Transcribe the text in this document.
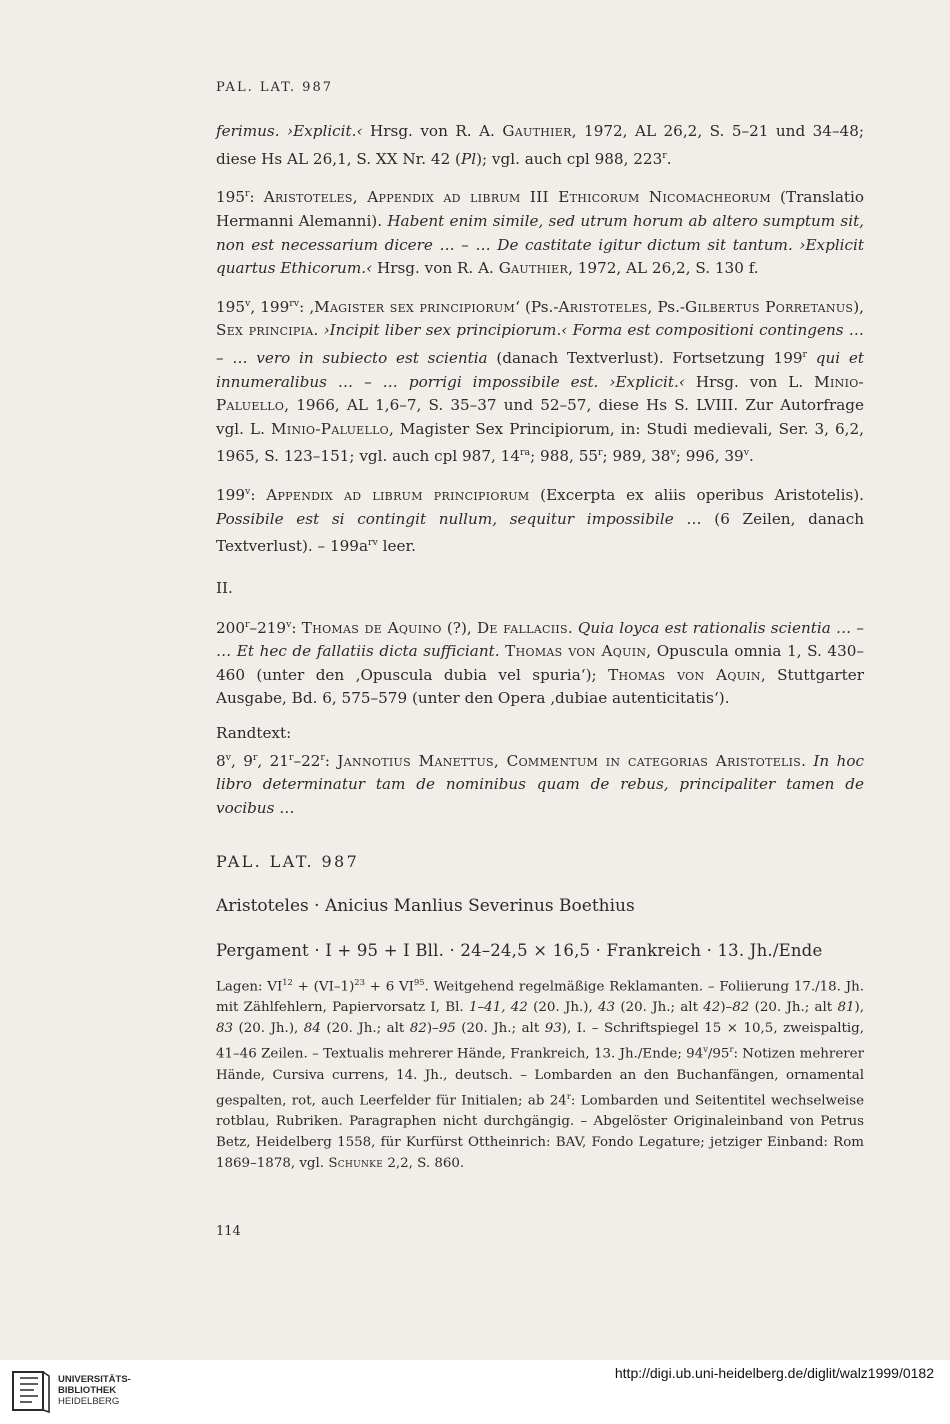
PAL. LAT. 987

ferimus. ›Explicit.‹ Hrsg. von R. A. Gauthier, 1972, AL 26,2, S. 5–21 und 34–48; diese Hs AL 26,1, S. XX Nr. 42 (Pl); vgl. auch cpl 988, 223$^r$.

195$^r$: Aristoteles, Appendix ad librum III Ethicorum Nicomacheorum (Translatio Hermanni Alemanni). Habent enim simile, sed utrum horum ab altero sumptum sit, non est necessarium dicere … – … De castitate igitur dictum sit tantum. ›Explicit quartus Ethicorum.‹ Hrsg. von R. A. Gauthier, 1972, AL 26,2, S. 130 f.

195$^v$, $199^{rv}$: ‚Magister sex principiorum‘ (Ps.-Aristoteles, Ps.-Gilbertus Porretanus), Sex principia. ›Incipit liber sex principiorum.‹ Forma est compositioni contingens … – … vero in subiecto est scientia (danach Textverlust). Fortsetzung 199$^r$ qui et innumeralibus … – … porrigi impossibile est. ›Explicit.‹ Hrsg. von L. Minio-Paluello, 1966, AL 1,6–7, S. 35–37 und 52–57, diese Hs S. LVIII. Zur Autorfrage vgl. L. Minio-Paluello, Magister Sex Principiorum, in: Studi medievali, Ser. 3, 6,2, 1965, S. 123–151; vgl. auch cpl 987, $14^{ra}$; 988, 55$^r$; 989, 38$^v$; 996, 39$^v$.

199$^v$: Appendix ad librum principiorum (Excerpta ex aliis operibus Aristotelis). Possibile est si contingit nullum, sequitur impossibile … (6 Zeilen, danach Textverlust). – $199a^{rv}$ leer.

II.

200$^r$–219$^v$: Thomas de Aquino (?), De fallaciis. Quia loyca est rationalis scientia … – … Et hec de fallatiis dicta sufficiant. Thomas von Aquin, Opuscula omnia 1, S. 430–460 (unter den ‚Opuscula dubia vel spuria‘); Thomas von Aquin, Stuttgarter Ausgabe, Bd. 6, 575–579 (unter den Opera ‚dubiae autenticitatis‘).

Randtext:

8$^v$, 9$^r$, 21$^r$–22$^r$: Jannotius Manettus, Commentum in categorias Aristotelis. In hoc libro determinatur tam de nominibus quam de rebus, principaliter tamen de vocibus …

PAL. LAT. 987
Aristoteles · Anicius Manlius Severinus Boethius
Pergament · I + 95 + I Bll. · 24–24,5 × 16,5 · Frankreich · 13. Jh./Ende

Lagen: $VI^{12} + (VI-1)^{23} + 6$ VI$^{95}$. Weitgehend regelmäßige Reklamanten. – Foliierung 17./18. Jh. mit Zählfehlern, Papiervorsatz I, Bl. 1–41, 42 (20. Jh.), 43 (20. Jh.; alt 42)–82 (20. Jh.; alt 81), 83 (20. Jh.), 84 (20. Jh.; alt 82)–95 (20. Jh.; alt 93), I. – Schriftspiegel 15 × 10,5, zweispaltig, 41–46 Zeilen. – Textualis mehrerer Hände, Frankreich, 13. Jh./Ende; 94$^v$/95$^r$: Notizen mehrerer Hände, Cursiva currens, 14. Jh., deutsch. – Lombarden an den Buchanfängen, ornamental gespalten, rot, auch Leerfelder für Initialen; ab 24$^r$: Lombarden und Seitentitel wechselweise rotblau, Rubriken. Paragraphen nicht durchgängig. – Abgelöster Originaleinband von Petrus Betz, Heidelberg 1558, für Kurfürst Ottheinrich: BAV, Fondo Legature; jetziger Einband: Rom 1869–1878, vgl. Schunke 2,2, S. 860.

114
UNIVERSITÄTS-
BIBLIOTHEK
HEIDELBERG
http://digi.ub.uni-heidelberg.de/diglit/walz1999/0182
